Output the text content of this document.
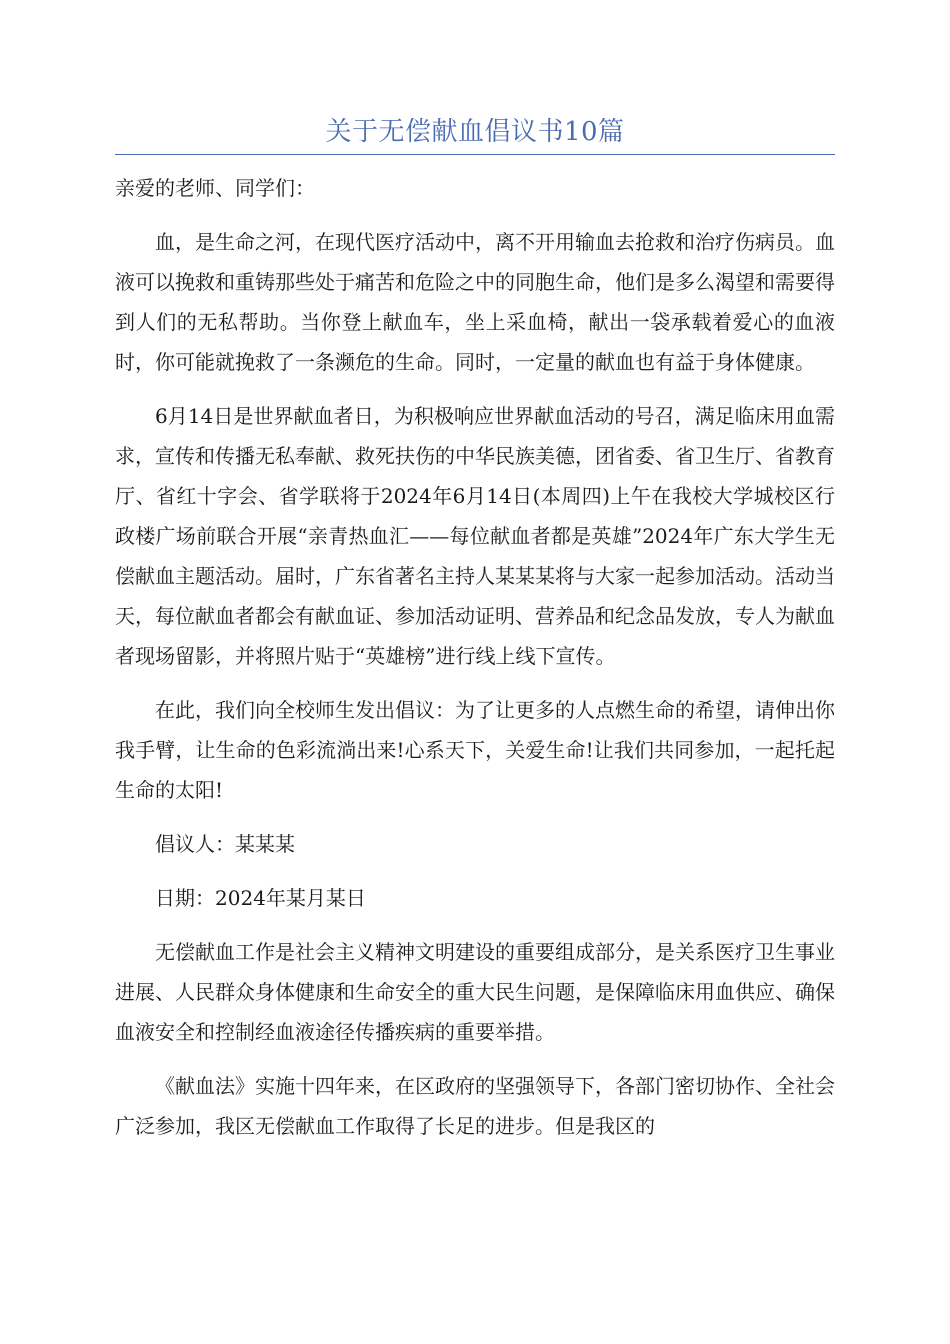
关于无偿献血倡议书10篇

亲爱的老师、同学们：

血，是生命之河，在现代医疗活动中，离不开用输血去抢救和治疗伤病员。血液可以挽救和重铸那些处于痛苦和危险之中的同胞生命，他们是多么渴望和需要得到人们的无私帮助。当你登上献血车，坐上采血椅，献出一袋承载着爱心的血液时，你可能就挽救了一条濒危的生命。同时，一定量的献血也有益于身体健康。

6月14日是世界献血者日，为积极响应世界献血活动的号召，满足临床用血需求，宣传和传播无私奉献、救死扶伤的中华民族美德，团省委、省卫生厅、省教育厅、省红十字会、省学联将于2024年6月14日(本周四)上午在我校大学城校区行政楼广场前联合开展“亲青热血汇——每位献血者都是英雄”2024年广东大学生无偿献血主题活动。届时，广东省著名主持人某某某将与大家一起参加活动。活动当天，每位献血者都会有献血证、参加活动证明、营养品和纪念品发放，专人为献血者现场留影，并将照片贴于“英雄榜”进行线上线下宣传。

在此，我们向全校师生发出倡议：为了让更多的人点燃生命的希望，请伸出你我手臂，让生命的色彩流淌出来!心系天下，关爱生命!让我们共同参加，一起托起生命的太阳!

倡议人：某某某

日期：2024年某月某日

无偿献血工作是社会主义精神文明建设的重要组成部分，是关系医疗卫生事业进展、人民群众身体健康和生命安全的重大民生问题，是保障临床用血供应、确保血液安全和控制经血液途径传播疾病的重要举措。

《献血法》实施十四年来，在区政府的坚强领导下，各部门密切协作、全社会广泛参加，我区无偿献血工作取得了长足的进步。但是我区的
